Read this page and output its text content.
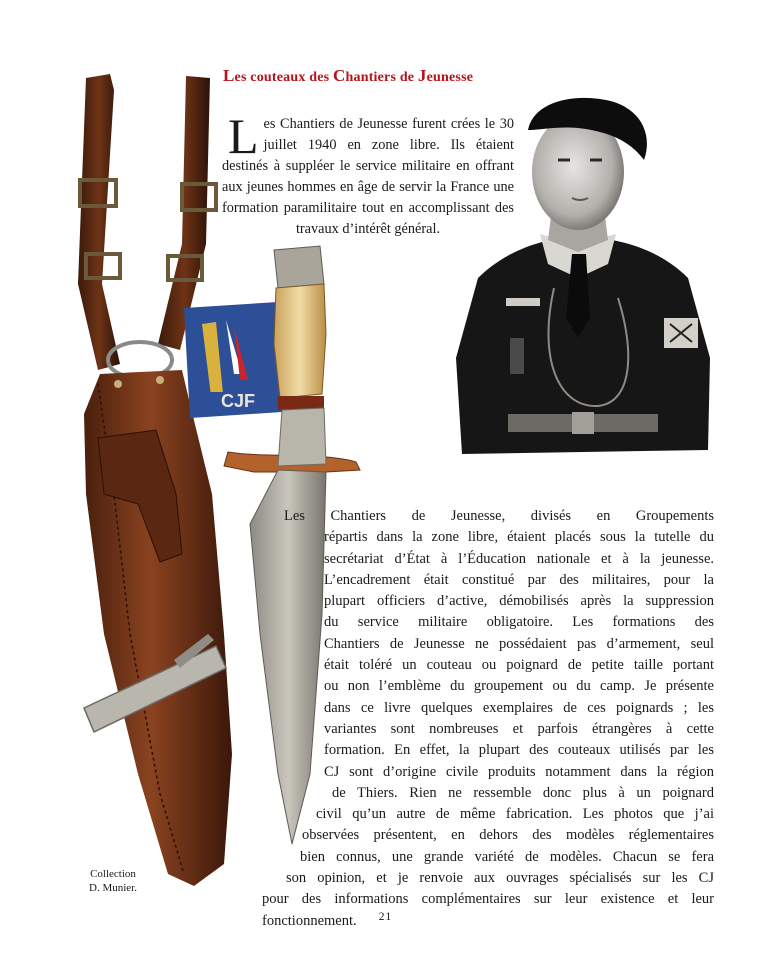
Les couteaux des Chantiers de Jeunesse
CJF
Les Chantiers de Jeunesse furent crées le 30 juillet 1940 en zone libre. Ils étaient destinés à suppléer le service militaire en offrant aux jeunes hommes en âge de servir la France une formation paramilitaire tout en accomplissant des travaux d’intérêt général.
Les Chantiers de Jeunesse, divisés en Groupements
répartis dans la zone libre, étaient placés sous la tutelle du
secrétariat d’État à l’Éducation nationale et à la jeunesse.
L’encadrement était constitué par des militaires, pour la
plupart officiers d’active, démobilisés après la suppression
du service militaire obligatoire. Les formations des
Chantiers de Jeunesse ne possédaient pas d’armement, seul
était toléré un couteau ou poignard de petite taille portant
ou non l’emblème du groupement ou du camp. Je présente
dans ce livre quelques exemplaires de ces poignards ; les
variantes sont nombreuses et parfois étrangères à cette
formation. En effet, la plupart des couteaux utilisés par les
CJ sont d’origine civile produits notamment dans la région
de Thiers. Rien ne ressemble donc plus à un poignard
civil qu’un autre de même fabrication. Les photos que j’ai
observées présentent, en dehors des modèles réglementaires
bien connus, une grande variété de modèles. Chacun se fera
son opinion, et je renvoie aux ouvrages spécialisés sur les CJ
pour des informations complémentaires sur leur existence et leur
fonctionnement.
Collection
D. Munier.
21
